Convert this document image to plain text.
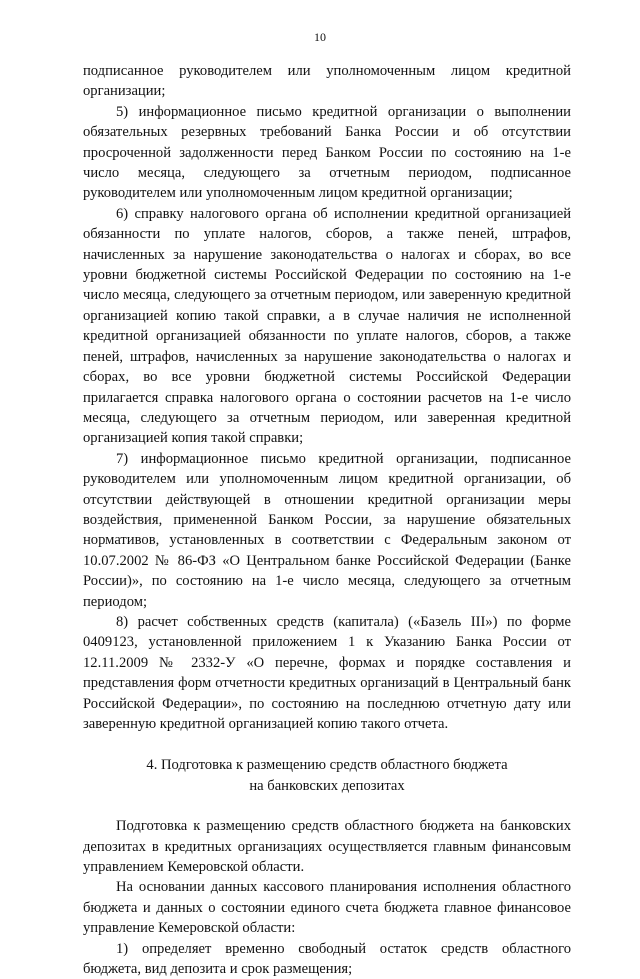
10

подписанное руководителем или уполномоченным лицом кредитной организации;

5) информационное письмо кредитной организации о выполнении обязательных резервных требований Банка России и об отсутствии просроченной задолженности перед Банком России по состоянию на 1-е число месяца, следующего за отчетным периодом, подписанное руководителем или уполномоченным лицом кредитной организации;

6) справку налогового органа об исполнении кредитной организацией обязанности по уплате налогов, сборов, а также пеней, штрафов, начисленных за нарушение законодательства о налогах и сборах, во все уровни бюджетной системы Российской Федерации по состоянию на 1-е число месяца, следующего за отчетным периодом, или заверенную кредитной организацией копию такой справки, а в случае наличия не исполненной кредитной организацией обязанности по уплате налогов, сборов, а также пеней, штрафов, начисленных за нарушение законодательства о налогах и сборах, во все уровни бюджетной системы Российской Федерации прилагается справка налогового органа о состоянии расчетов на 1-е число месяца, следующего за отчетным периодом, или заверенная кредитной организацией копия такой справки;

7) информационное письмо кредитной организации, подписанное руководителем или уполномоченным лицом кредитной организации, об отсутствии действующей в отношении кредитной организации меры воздействия, примененной Банком России, за нарушение обязательных нормативов, установленных в соответствии с Федеральным законом от 10.07.2002 № 86-ФЗ «О Центральном банке Российской Федерации (Банке России)», по состоянию на 1-е число месяца, следующего за отчетным периодом;

8) расчет собственных средств (капитала) («Базель III») по форме 0409123, установленной приложением 1 к Указанию Банка России от 12.11.2009 № 2332-У «О перечне, формах и порядке составления и представления форм отчетности кредитных организаций в Центральный банк Российской Федерации», по состоянию на последнюю отчетную дату или заверенную кредитной организацией копию такого отчета.

4. Подготовка к размещению средств областного бюджета

на банковских депозитах

Подготовка к размещению средств областного бюджета на банковских депозитах в кредитных организациях осуществляется главным финансовым управлением Кемеровской области.

На основании данных кассового планирования исполнения областного бюджета и данных о состоянии единого счета бюджета главное финансовое управление Кемеровской области:

1) определяет временно свободный остаток средств областного бюджета, вид депозита и срок размещения;
